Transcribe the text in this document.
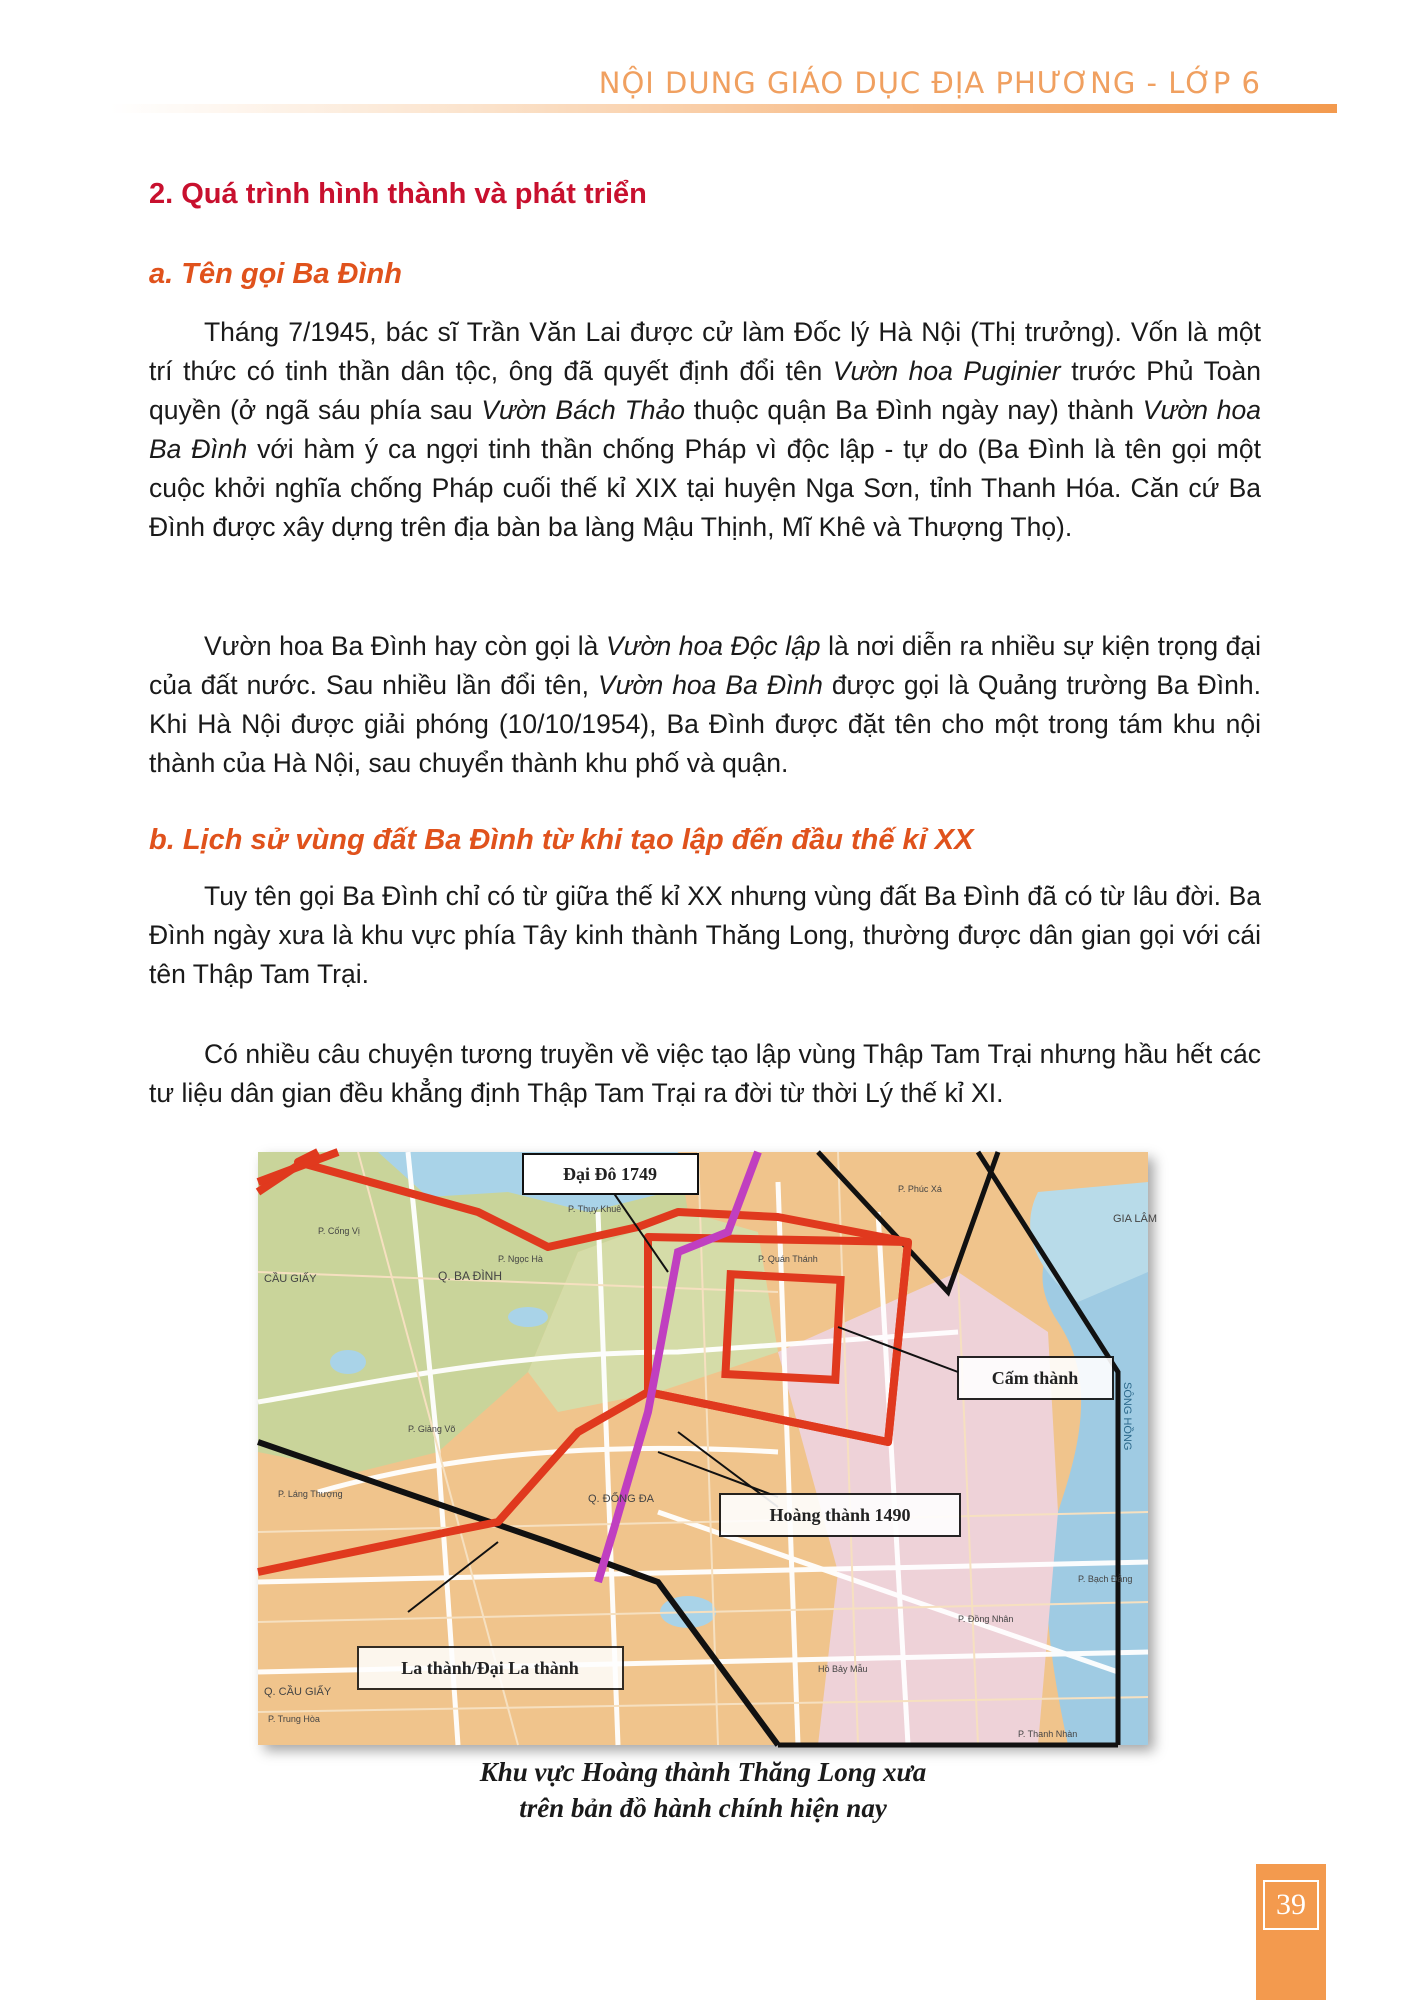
NỘI DUNG GIÁO DỤC ĐỊA PHƯƠNG - LỚP 6
2. Quá trình hình thành và phát triển
a. Tên gọi Ba Đình

Tháng 7/1945, bác sĩ Trần Văn Lai được cử làm Đốc lý Hà Nội (Thị trưởng). Vốn là một trí thức có tinh thần dân tộc, ông đã quyết định đổi tên Vườn hoa Puginier trước Phủ Toàn quyền (ở ngã sáu phía sau Vườn Bách Thảo thuộc quận Ba Đình ngày nay) thành Vườn hoa Ba Đình với hàm ý ca ngợi tinh thần chống Pháp vì độc lập - tự do (Ba Đình là tên gọi một cuộc khởi nghĩa chống Pháp cuối thế kỉ XIX tại huyện Nga Sơn, tỉnh Thanh Hóa. Căn cứ Ba Đình được xây dựng trên địa bàn ba làng Mậu Thịnh, Mĩ Khê và Thượng Thọ).

Vườn hoa Ba Đình hay còn gọi là Vườn hoa Độc lập là nơi diễn ra nhiều sự kiện trọng đại của đất nước. Sau nhiều lần đổi tên, Vườn hoa Ba Đình được gọi là Quảng trường Ba Đình. Khi Hà Nội được giải phóng (10/10/1954), Ba Đình được đặt tên cho một trong tám khu nội thành của Hà Nội, sau chuyển thành khu phố và quận.

b. Lịch sử vùng đất Ba Đình từ khi tạo lập đến đầu thế kỉ XX

Tuy tên gọi Ba Đình chỉ có từ giữa thế kỉ XX nhưng vùng đất Ba Đình đã có từ lâu đời. Ba Đình ngày xưa là khu vực phía Tây kinh thành Thăng Long, thường được dân gian gọi với cái tên Thập Tam Trại.

Có nhiều câu chuyện tương truyền về việc tạo lập vùng Thập Tam Trại nhưng hầu hết các tư liệu dân gian đều khẳng định Thập Tam Trại ra đời từ thời Lý thế kỉ XI.

P. Cống Vị
Q. BA ĐÌNH
CẦU GIẤY
P. Ngọc Hà
P. Thụy Khuê
P. Quán Thánh
P. Phúc Xá
GIA LÂM
P. Láng Thượng
P. Giảng Võ
Q. ĐỐNG ĐA
Q. CẦU GIẤY
P. Trung Hòa
P. Đồng Nhân
P. Bạch Đằng
P. Thanh Nhàn
Hồ Bảy Mẫu
SÔNG HỒNG
Đại Đô 1749
Cấm thành
Hoàng thành 1490
La thành/Đại La thành
Khu vực Hoàng thành Thăng Long xưa
trên bản đồ hành chính hiện nay
39
